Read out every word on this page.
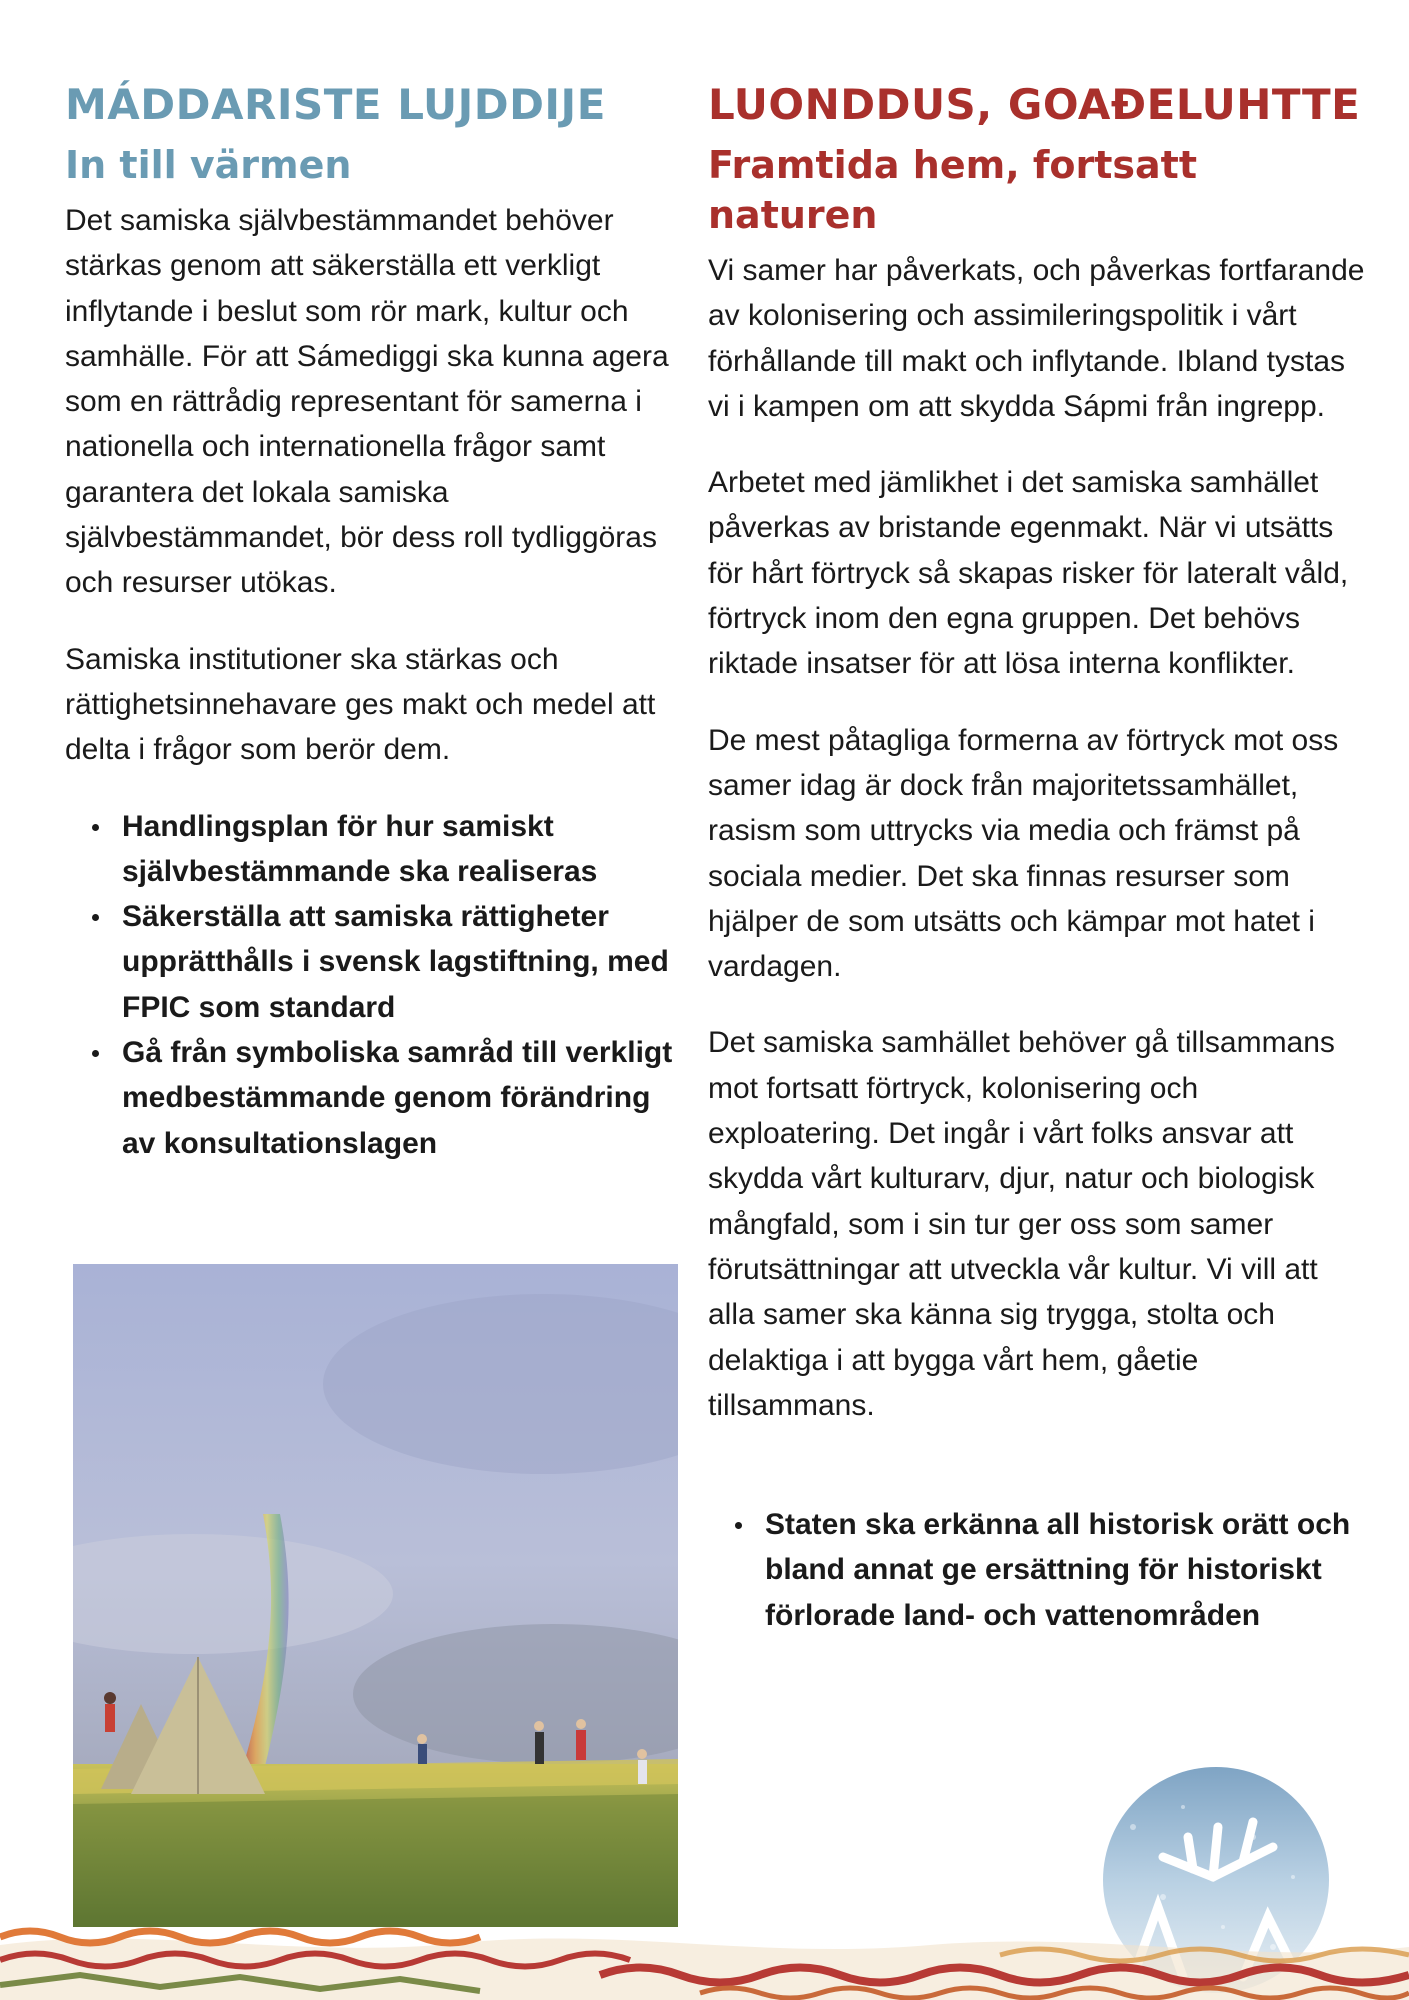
MÁDDARISTE LUJDDIJE
In till värmen

Det samiska självbestämmandet behöver stärkas genom att säkerställa ett verkligt inflytande i beslut som rör mark, kultur och samhälle. För att Sámediggi ska kunna agera som en rättrådig representant för samerna i nationella och internationella frågor samt garantera det lokala samiska självbestämmandet, bör dess roll tydliggöras och resurser utökas.

Samiska institutioner ska stärkas och rättighetsinnehavare ges makt och medel att delta i frågor som berör dem.

Handlingsplan för hur samiskt självbestämmande ska realiseras
Säkerställa att samiska rättigheter upprätthålls i svensk lagstiftning, med FPIC som standard
Gå från symboliska samråd till verkligt medbestämmande genom förändring av konsultationslagen
LUONDDUS, GOAĐELUHTTE
Framtida hem, fortsatt naturen

Vi samer har påverkats, och påverkas fortfarande av kolonisering och assimileringspolitik i vårt förhållande till makt och inflytande. Ibland tystas vi i kampen om att skydda Sápmi från ingrepp.

Arbetet med jämlikhet i det samiska samhället påverkas av bristande egenmakt. När vi utsätts för hårt förtryck så skapas risker för lateralt våld, förtryck inom den egna gruppen. Det behövs riktade insatser för att lösa interna konflikter.

De mest påtagliga formerna av förtryck mot oss samer idag är dock från majoritetssamhället, rasism som uttrycks via media och främst på sociala medier. Det ska finnas resurser som hjälper de som utsätts och kämpar mot hatet i vardagen.

Det samiska samhället behöver gå tillsammans mot fortsatt förtryck, kolonisering och exploatering. Det ingår i vårt folks ansvar att skydda vårt kulturarv, djur, natur och biologisk mångfald, som i sin tur ger oss som samer förutsättningar att utveckla vår kultur. Vi vill att alla samer ska känna sig trygga, stolta och delaktiga i att bygga vårt hem, gåetie tillsammans.

Staten ska erkänna all historisk orätt och bland annat ge ersättning för historiskt förlorade land- och vattenområden
